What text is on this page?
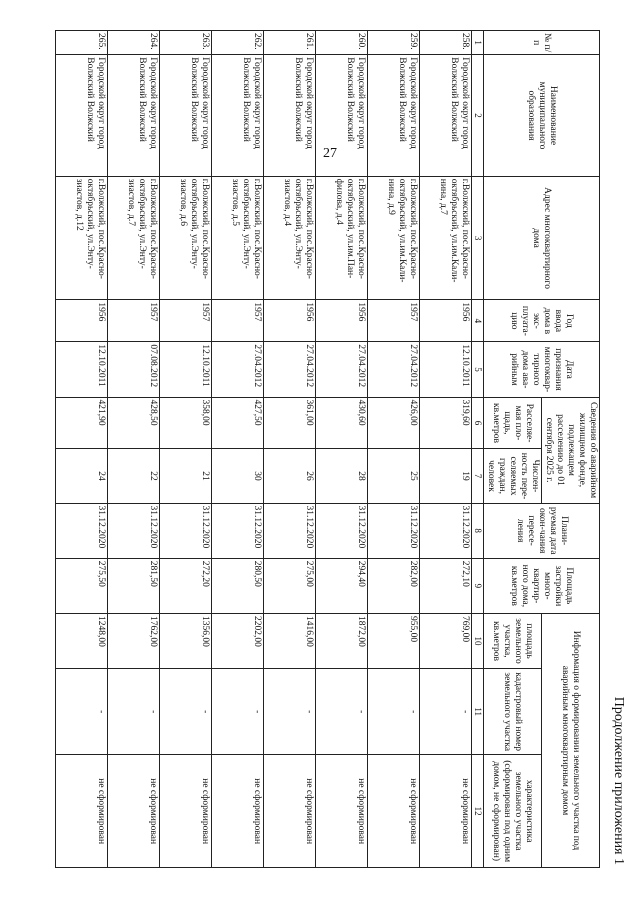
27
Продолжение приложения 1
№ п/п	Наименование муниципального образования	Адрес многоквартирного дома	Год ввода дома в экс-плуата-цию	Дата признания многоквар-тирного дома ава-рийным	Сведения об аварийном жилищном фонде, подлежащем расселению до 01 сентября 2025 г.		Плани-руемая дата окон-чания пересе-ления	Площадь застройки много-квартир-ного дома, кв.метров	Информация о формировании земельного участка под аварийным многоквартирным домом		
					Расселяе-мая пло-щадь, кв.метров	Числен-ность пере-селяемых граждан, человек			площадь земельного участка, кв.метров	кадастровый номер земельного участка	характеристика земельного участка (сформирован под одним домом, не сформирован)
1	2	3	4	5	6	7	8	9	10	11	12
258.	Городской округ город Волжский Волжский	г.Волжский, пос.Красно-октябрьский, ул.им.Кали-нина, д.7	1956	12.10.2011	319,60	19	31.12.2020	272,10	769,00	-	не сформирован
259.	Городской округ город Волжский Волжский	г.Волжский, пос.Красно-октябрьский, ул.им.Кали-нина, д.9	1957	27.04.2012	426,00	25	31.12.2020	282,00	955,00	-	не сформирован
260.	Городской округ город Волжский Волжский	г.Волжский, пос.Красно-октябрьский, ул.им.Пан-филова, д.4	1956	27.04.2012	430,60	28	31.12.2020	294,40	1872,00	-	не сформирован
261.	Городской округ город Волжский Волжский	г.Волжский, пос.Красно-октябрьский, ул.Энту-зиастов, д.4	1956	27.04.2012	361,00	26	31.12.2020	275,00	1416,00	-	не сформирован
262.	Городской округ город Волжский Волжский	г.Волжский, пос.Красно-октябрьский, ул.Энту-зиастов, д.5	1957	27.04.2012	427,50	30	31.12.2020	280,50	2202,00	-	не сформирован
263.	Городской округ город Волжский Волжский	г.Волжский, пос.Красно-октябрьский, ул.Энту-зиастов, д.6	1957	12.10.2011	358,00	21	31.12.2020	272,20	1356,00	-	не сформирован
264.	Городской округ город Волжский Волжский	г.Волжский, пос.Красно-октябрьский, ул.Энту-зиастов, д.7	1957	07.08.2012	428,50	22	31.12.2020	281,50	1762,00	-	не сформирован
265.	Городской округ город Волжский Волжский	г.Волжский, пос.Красно-октябрьский, ул.Энту-зиастов, д.12	1956	12.10.2011	421,90	24	31.12.2020	275,50	1248,00	-	не сформирован
